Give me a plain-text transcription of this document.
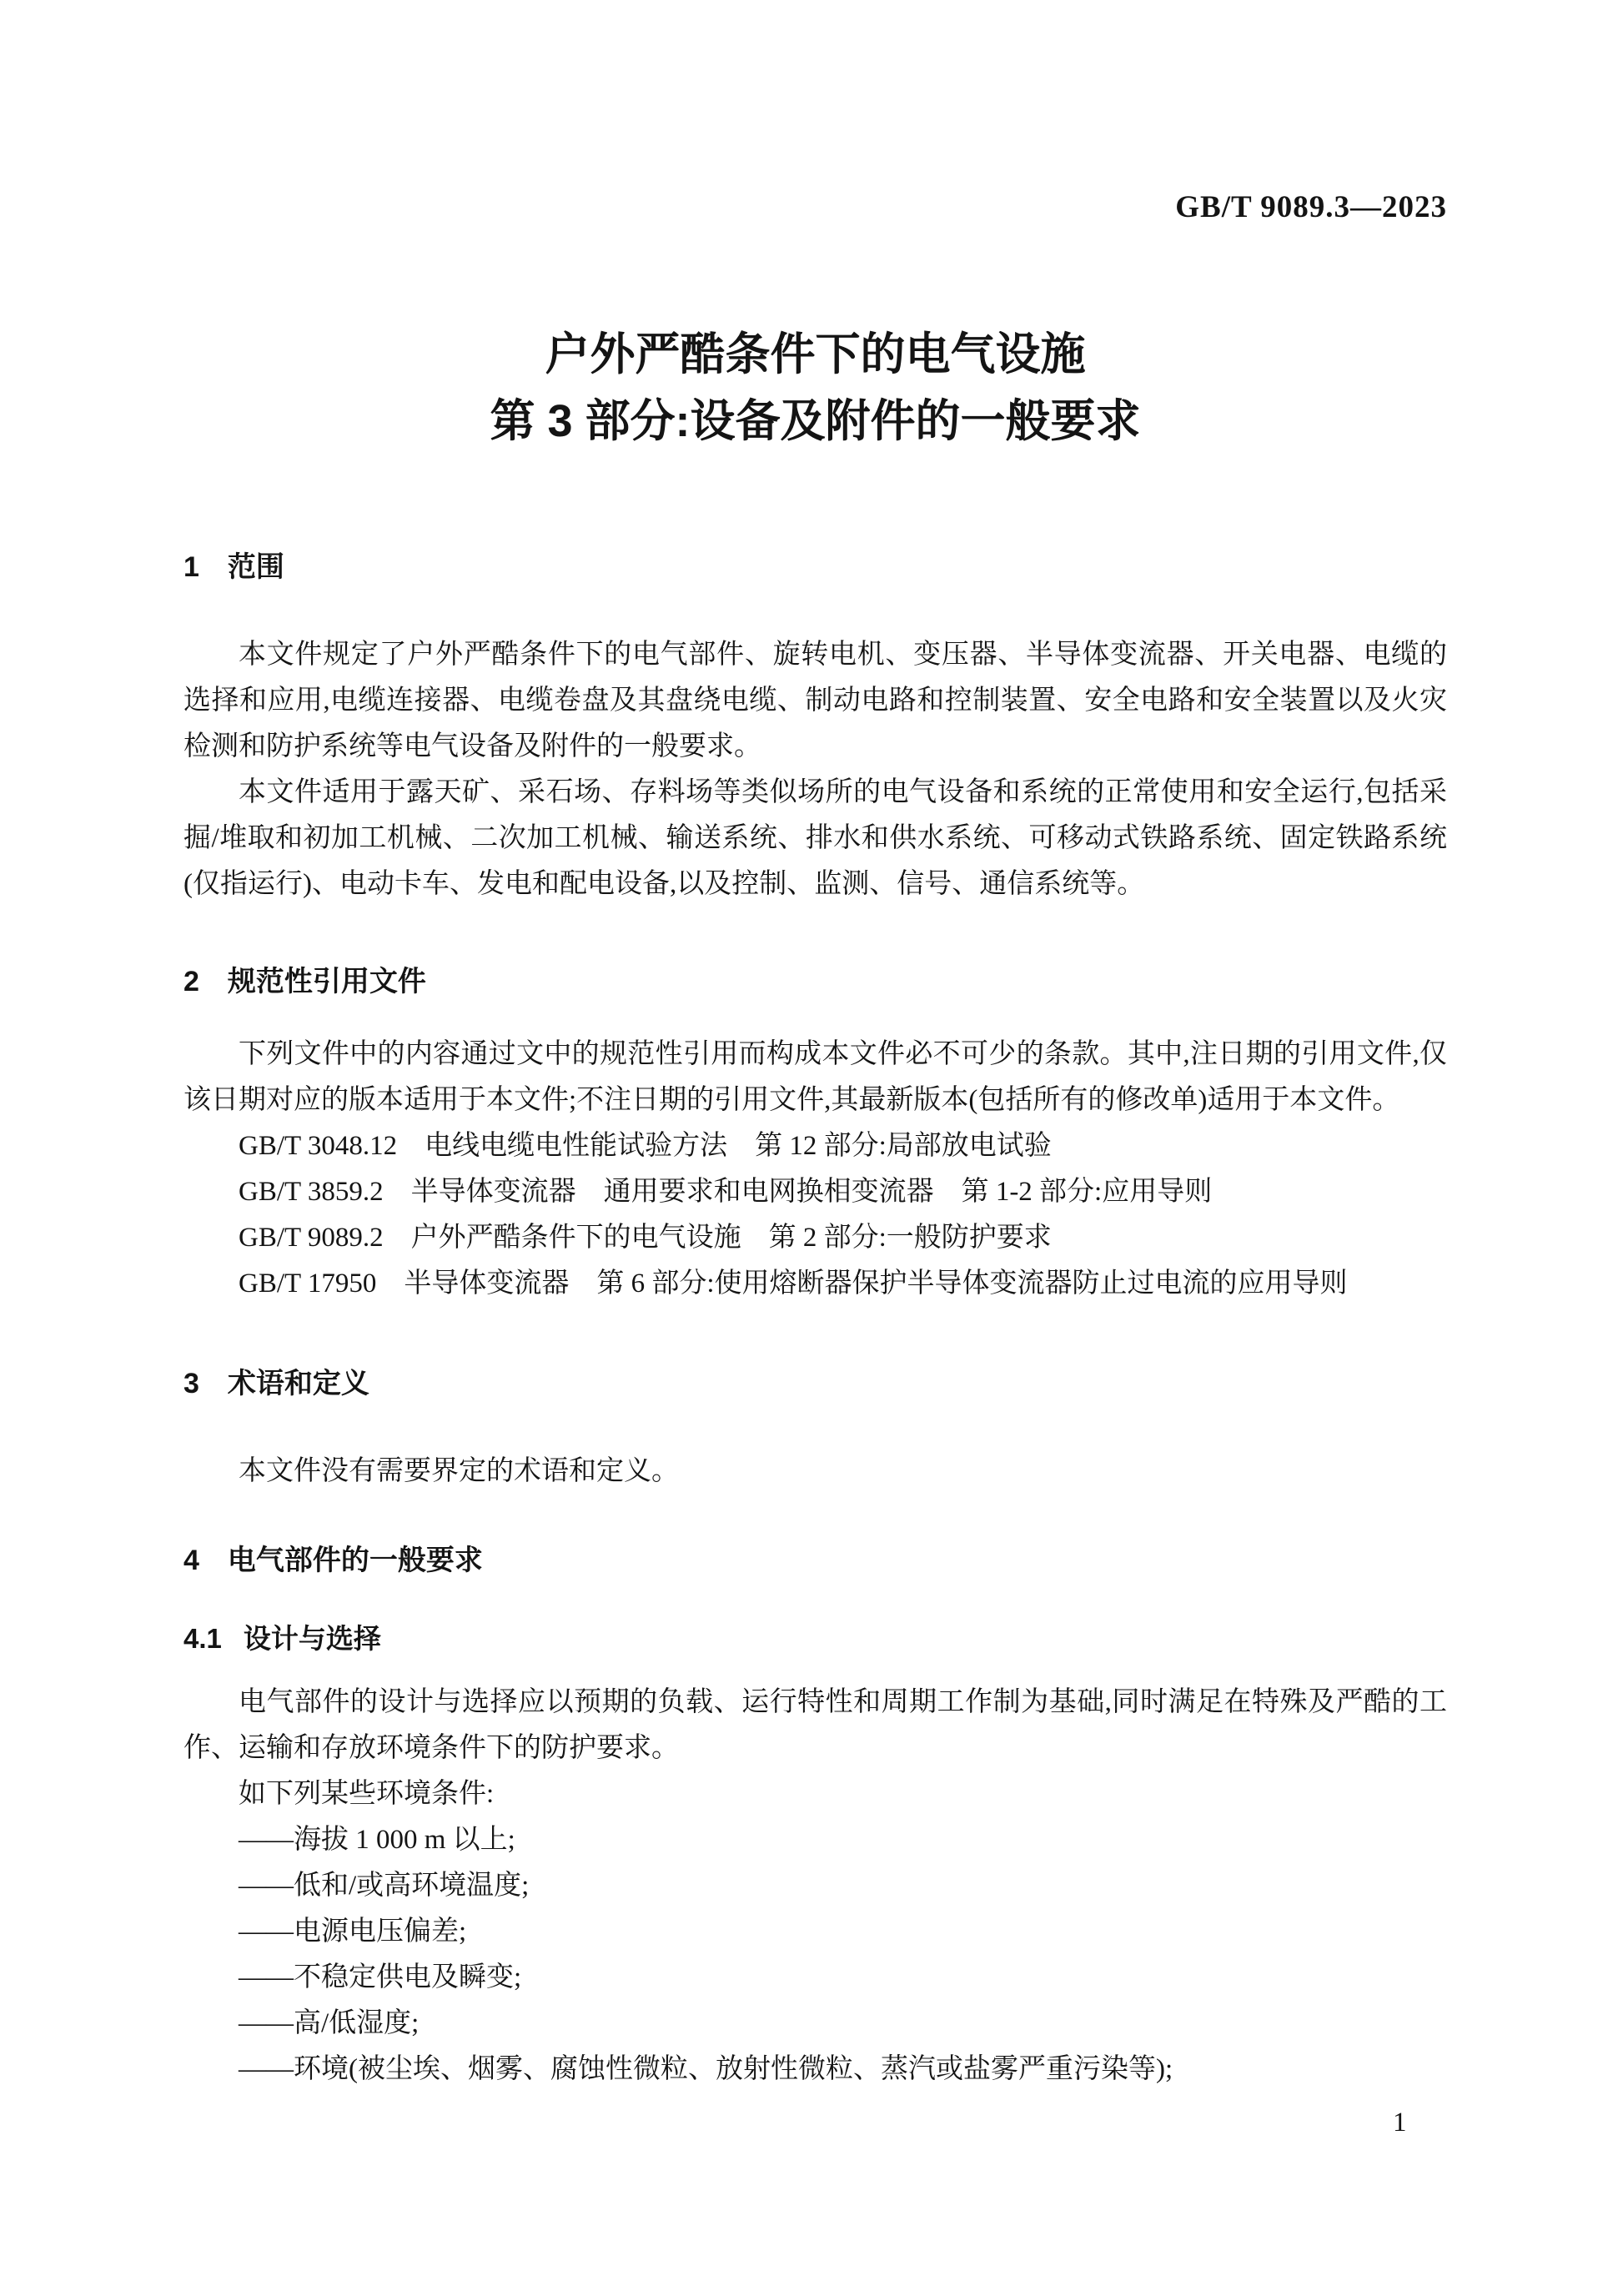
GB/T 9089.3—2023
户外严酷条件下的电气设施
第 3 部分:设备及附件的一般要求
1 范围

本文件规定了户外严酷条件下的电气部件、旋转电机、变压器、半导体变流器、开关电器、电缆的选择和应用,电缆连接器、电缆卷盘及其盘绕电缆、制动电路和控制装置、安全电路和安全装置以及火灾检测和防护系统等电气设备及附件的一般要求。

本文件适用于露天矿、采石场、存料场等类似场所的电气设备和系统的正常使用和安全运行,包括采掘/堆取和初加工机械、二次加工机械、输送系统、排水和供水系统、可移动式铁路系统、固定铁路系统(仅指运行)、电动卡车、发电和配电设备,以及控制、监测、信号、通信系统等。

2 规范性引用文件

下列文件中的内容通过文中的规范性引用而构成本文件必不可少的条款。其中,注日期的引用文件,仅该日期对应的版本适用于本文件;不注日期的引用文件,其最新版本(包括所有的修改单)适用于本文件。

GB/T 3048.12　电线电缆电性能试验方法　第 12 部分:局部放电试验
GB/T 3859.2　半导体变流器　通用要求和电网换相变流器　第 1-2 部分:应用导则
GB/T 9089.2　户外严酷条件下的电气设施　第 2 部分:一般防护要求
GB/T 17950　半导体变流器　第 6 部分:使用熔断器保护半导体变流器防止过电流的应用导则
3 术语和定义

本文件没有需要界定的术语和定义。

4 电气部件的一般要求
4.1 设计与选择

电气部件的设计与选择应以预期的负载、运行特性和周期工作制为基础,同时满足在特殊及严酷的工作、运输和存放环境条件下的防护要求。

如下列某些环境条件:

——海拔 1 000 m 以上;
——低和/或高环境温度;
——电源电压偏差;
——不稳定供电及瞬变;
——高/低湿度;
——环境(被尘埃、烟雾、腐蚀性微粒、放射性微粒、蒸汽或盐雾严重污染等);
1
